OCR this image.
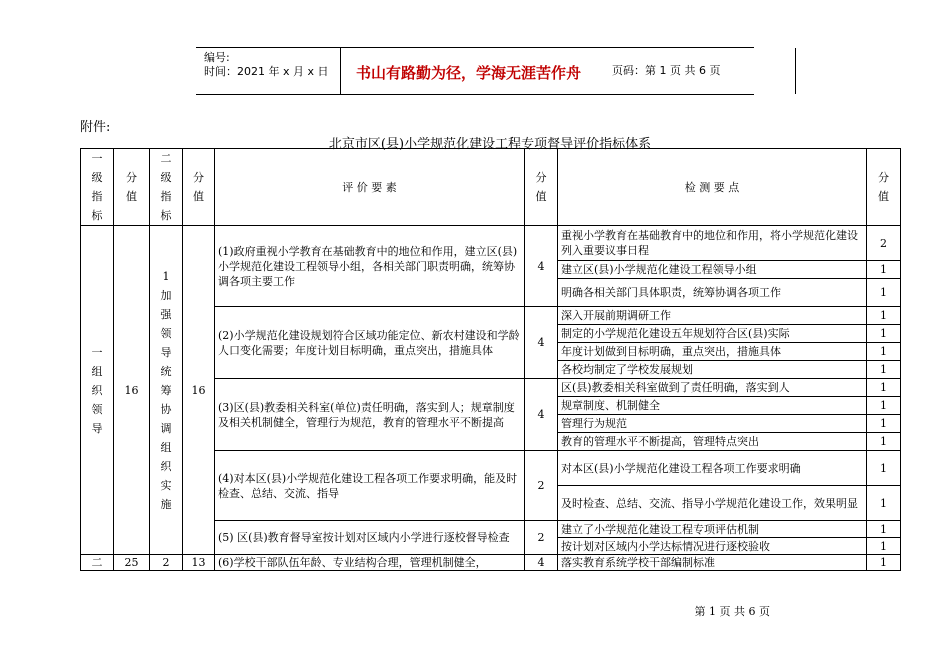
编号:
时间：2021 年 x 月 x 日	书山有路勤为径，学海无涯苦作舟	页码：第 1 页 共 6 页
附件:
北京市区(县)小学规范化建设工程专项督导评价指标体系
一级指标	分值	二级指标	分值	评 价 要 素	分值	检 测 要 点	分值
一组织领导	16	1加强领导统筹协调组织实施	16	(1)政府重视小学教育在基础教育中的地位和作用，建立区(县)小学规范化建设工程领导小组，各相关部门职责明确，统筹协调各项主要工作	4	重视小学教育在基础教育中的地位和作用，将小学规范化建设列入重要议事日程	2
						建立区(县)小学规范化建设工程领导小组	1
						明确各相关部门具体职责，统筹协调各项工作	1
				(2)小学规范化建设规划符合区域功能定位、新农村建设和学龄人口变化需要；年度计划目标明确，重点突出，措施具体	4	深入开展前期调研工作	1
						制定的小学规范化建设五年规划符合区(县)实际	1
						年度计划做到目标明确，重点突出，措施具体	1
						各校均制定了学校发展规划	1
				(3)区(县)教委相关科室(单位)责任明确，落实到人；规章制度及相关机制健全，管理行为规范，教育的管理水平不断提高	4	区(县)教委相关科室做到了责任明确，落实到人	1
						规章制度、机制健全	1
						管理行为规范	1
						教育的管理水平不断提高，管理特点突出	1
				(4)对本区(县)小学规范化建设工程各项工作要求明确，能及时检查、总结、交流、指导	2	对本区(县)小学规范化建设工程各项工作要求明确	1
						及时检查、总结、交流、指导小学规范化建设工作，效果明显	1
				(5) 区(县)教育督导室按计划对区域内小学进行逐校督导检查	2	建立了小学规范化建设工程专项评估机制	1
						按计划对区域内小学达标情况进行逐校验收	1
二	25	2	13	(6)学校干部队伍年龄、专业结构合理，管理机制健全，	4	落实教育系统学校干部编制标准	1
第 1 页 共 6 页
